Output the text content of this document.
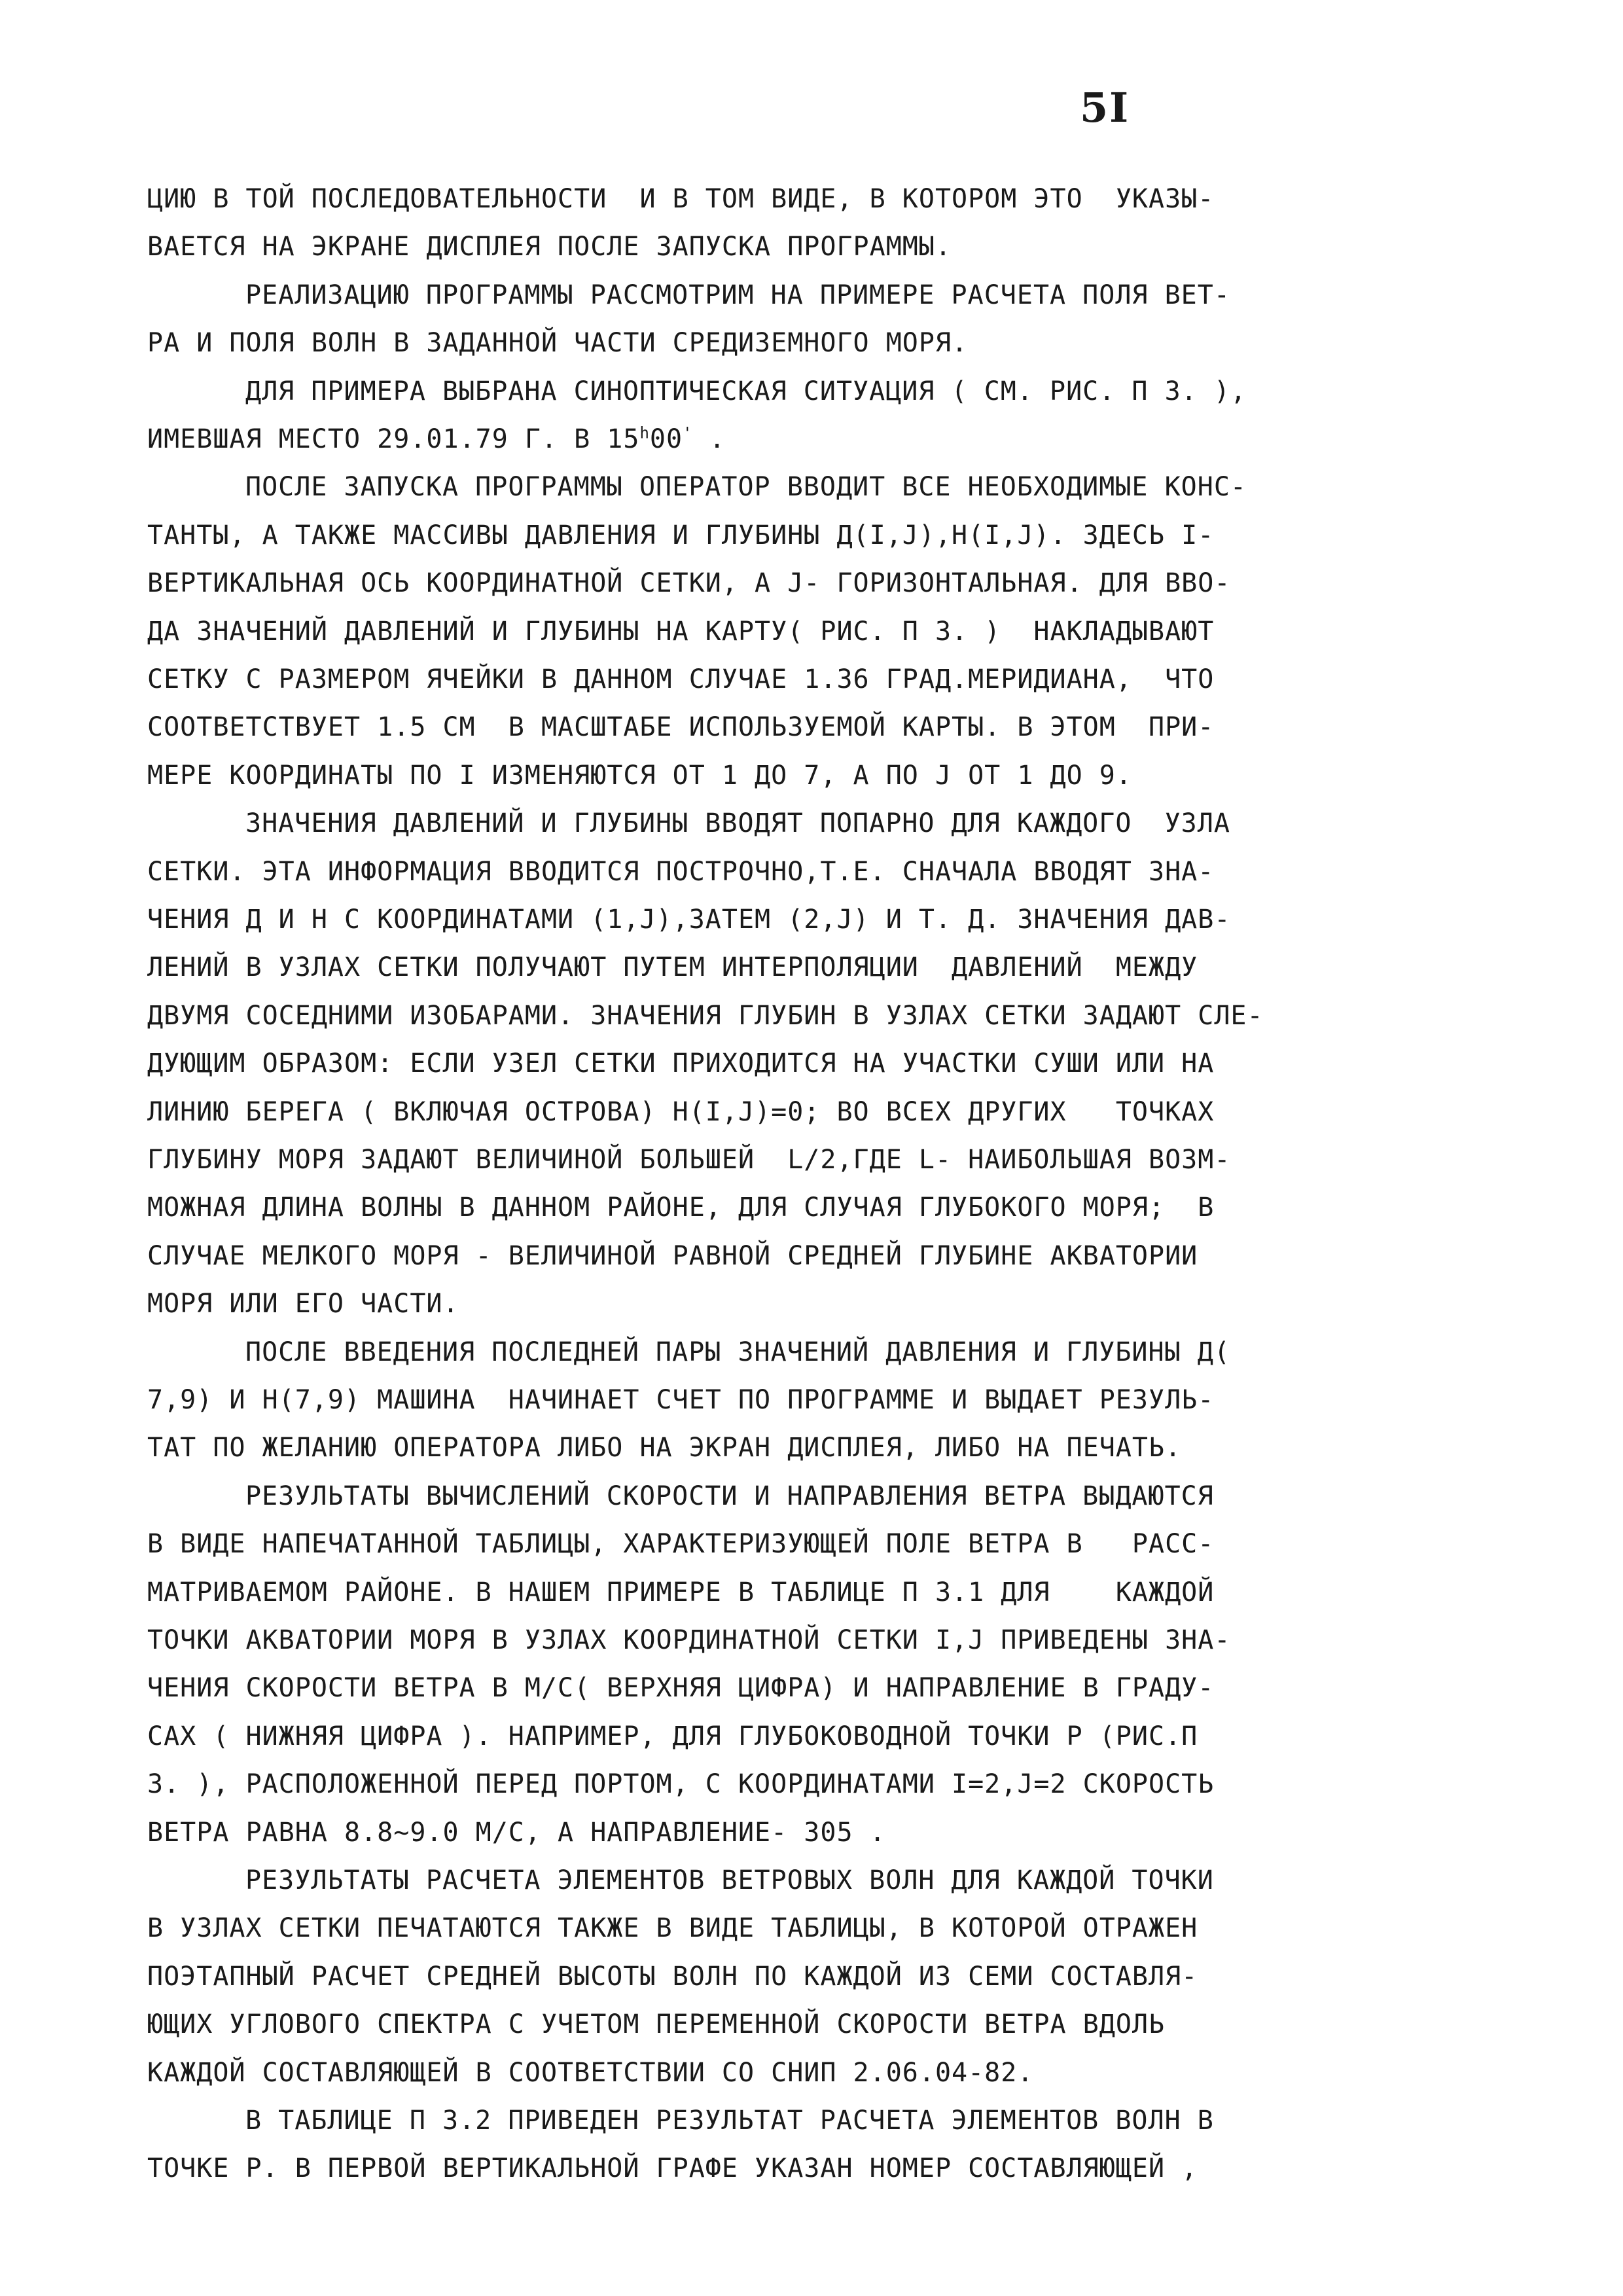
5I
ЦИЮ В ТОЙ ПОСЛЕДОВАТЕЛЬНОСТИ  И В ТОМ ВИДЕ, В КОТОРОМ ЭТО  УКАЗЫ-
ВАЕТСЯ НА ЭКРАНЕ ДИСПЛЕЯ ПОСЛЕ ЗАПУСКА ПРОГРАММЫ.
РЕАЛИЗАЦИЮ ПРОГРАММЫ РАССМОТРИМ НА ПРИМЕРЕ РАСЧЕТА ПОЛЯ ВЕТ-
РА И ПОЛЯ ВОЛН В ЗАДАННОЙ ЧАСТИ СРЕДИЗЕМНОГО МОРЯ.
ДЛЯ ПРИМЕРА ВЫБРАНА СИНОПТИЧЕСКАЯ СИТУАЦИЯ ( СМ. РИС. П 3. ),
ИМЕВШАЯ МЕСТО 29.01.79 Г. В 15$^h$00' .
ПОСЛЕ ЗАПУСКА ПРОГРАММЫ ОПЕРАТОР ВВОДИТ ВСЕ НЕОБХОДИМЫЕ КОНС-
ТАНТЫ, А ТАКЖЕ МАССИВЫ ДАВЛЕНИЯ И ГЛУБИНЫ Д(I,J),H(I,J). ЗДЕСЬ I-
ВЕРТИКАЛЬНАЯ ОСЬ КООРДИНАТНОЙ СЕТКИ, А J- ГОРИЗОНТАЛЬНАЯ. ДЛЯ ВВО-
ДА ЗНАЧЕНИЙ ДАВЛЕНИЙ И ГЛУБИНЫ НА КАРТУ( РИС. П 3. )  НАКЛАДЫВАЮТ
СЕТКУ С РАЗМЕРОМ ЯЧЕЙКИ В ДАННОМ СЛУЧАЕ 1.36 ГРАД.МЕРИДИАНА,  ЧТО
СООТВЕТСТВУЕТ 1.5 СМ  В МАСШТАБЕ ИСПОЛЬЗУЕМОЙ КАРТЫ. В ЭТОМ  ПРИ-
МЕРЕ КООРДИНАТЫ ПО I ИЗМЕНЯЮТСЯ ОТ 1 ДО 7, А ПО J ОТ 1 ДО 9.
ЗНАЧЕНИЯ ДАВЛЕНИЙ И ГЛУБИНЫ ВВОДЯТ ПОПАРНО ДЛЯ КАЖДОГО  УЗЛА
СЕТКИ. ЭТА ИНФОРМАЦИЯ ВВОДИТСЯ ПОСТРОЧНО,Т.Е. СНАЧАЛА ВВОДЯТ ЗНА-
ЧЕНИЯ Д И H С КООРДИНАТАМИ (1,J),ЗАТЕМ (2,J) И Т. Д. ЗНАЧЕНИЯ ДАВ-
ЛЕНИЙ В УЗЛАХ СЕТКИ ПОЛУЧАЮТ ПУТЕМ ИНТЕРПОЛЯЦИИ  ДАВЛЕНИЙ  МЕЖДУ
ДВУМЯ СОСЕДНИМИ ИЗОБАРАМИ. ЗНАЧЕНИЯ ГЛУБИН В УЗЛАХ СЕТКИ ЗАДАЮТ СЛЕ-
ДУЮЩИМ ОБРАЗОМ: ЕСЛИ УЗЕЛ СЕТКИ ПРИХОДИТСЯ НА УЧАСТКИ СУШИ ИЛИ НА
ЛИНИЮ БЕРЕГА ( ВКЛЮЧАЯ ОСТРОВА) H(I,J)=0; ВО ВСЕХ ДРУГИХ   ТОЧКАХ
ГЛУБИНУ МОРЯ ЗАДАЮТ ВЕЛИЧИНОЙ БОЛЬШЕЙ  L/2,ГДЕ L- НАИБОЛЬШАЯ ВОЗМ-
МОЖНАЯ ДЛИНА ВОЛНЫ В ДАННОМ РАЙОНЕ, ДЛЯ СЛУЧАЯ ГЛУБОКОГО МОРЯ;  В
СЛУЧАЕ МЕЛКОГО МОРЯ - ВЕЛИЧИНОЙ РАВНОЙ СРЕДНЕЙ ГЛУБИНЕ АКВАТОРИИ
МОРЯ ИЛИ ЕГО ЧАСТИ.
ПОСЛЕ ВВЕДЕНИЯ ПОСЛЕДНЕЙ ПАРЫ ЗНАЧЕНИЙ ДАВЛЕНИЯ И ГЛУБИНЫ Д(
7,9) И H(7,9) МАШИНА  НАЧИНАЕТ СЧЕТ ПО ПРОГРАММЕ И ВЫДАЕТ РЕЗУЛЬ-
ТАТ ПО ЖЕЛАНИЮ ОПЕРАТОРА ЛИБО НА ЭКРАН ДИСПЛЕЯ, ЛИБО НА ПЕЧАТЬ.
РЕЗУЛЬТАТЫ ВЫЧИСЛЕНИЙ СКОРОСТИ И НАПРАВЛЕНИЯ ВЕТРА ВЫДАЮТСЯ
В ВИДЕ НАПЕЧАТАННОЙ ТАБЛИЦЫ, ХАРАКТЕРИЗУЮЩЕЙ ПОЛЕ ВЕТРА В   РАСС-
МАТРИВАЕМОМ РАЙОНЕ. В НАШЕМ ПРИМЕРЕ В ТАБЛИЦЕ П 3.1 ДЛЯ    КАЖДОЙ
ТОЧКИ АКВАТОРИИ МОРЯ В УЗЛАХ КООРДИНАТНОЙ СЕТКИ I,J ПРИВЕДЕНЫ ЗНА-
ЧЕНИЯ СКОРОСТИ ВЕТРА В М/С( ВЕРХНЯЯ ЦИФРА) И НАПРАВЛЕНИЕ В ГРАДУ-
САХ ( НИЖНЯЯ ЦИФРА ). НАПРИМЕР, ДЛЯ ГЛУБОКОВОДНОЙ ТОЧКИ Р (РИС.П
3. ), РАСПОЛОЖЕННОЙ ПЕРЕД ПОРТОМ, С КООРДИНАТАМИ I=2,J=2 СКОРОСТЬ
ВЕТРА РАВНА 8.8~9.0 М/С, А НАПРАВЛЕНИЕ- 305 .
РЕЗУЛЬТАТЫ РАСЧЕТА ЭЛЕМЕНТОВ ВЕТРОВЫХ ВОЛН ДЛЯ КАЖДОЙ ТОЧКИ
В УЗЛАХ СЕТКИ ПЕЧАТАЮТСЯ ТАКЖЕ В ВИДЕ ТАБЛИЦЫ, В КОТОРОЙ ОТРАЖЕН
ПОЭТАПНЫЙ РАСЧЕТ СРЕДНЕЙ ВЫСОТЫ ВОЛН ПО КАЖДОЙ ИЗ СЕМИ СОСТАВЛЯ-
ЮЩИХ УГЛОВОГО СПЕКТРА С УЧЕТОМ ПЕРЕМЕННОЙ СКОРОСТИ ВЕТРА ВДОЛЬ
КАЖДОЙ СОСТАВЛЯЮЩЕЙ В СООТВЕТСТВИИ СО СНИП 2.06.04-82.
В ТАБЛИЦЕ П 3.2 ПРИВЕДЕН РЕЗУЛЬТАТ РАСЧЕТА ЭЛЕМЕНТОВ ВОЛН В
ТОЧКЕ Р. В ПЕРВОЙ ВЕРТИКАЛЬНОЙ ГРАФЕ УКАЗАН НОМЕР СОСТАВЛЯЮЩЕЙ ,
